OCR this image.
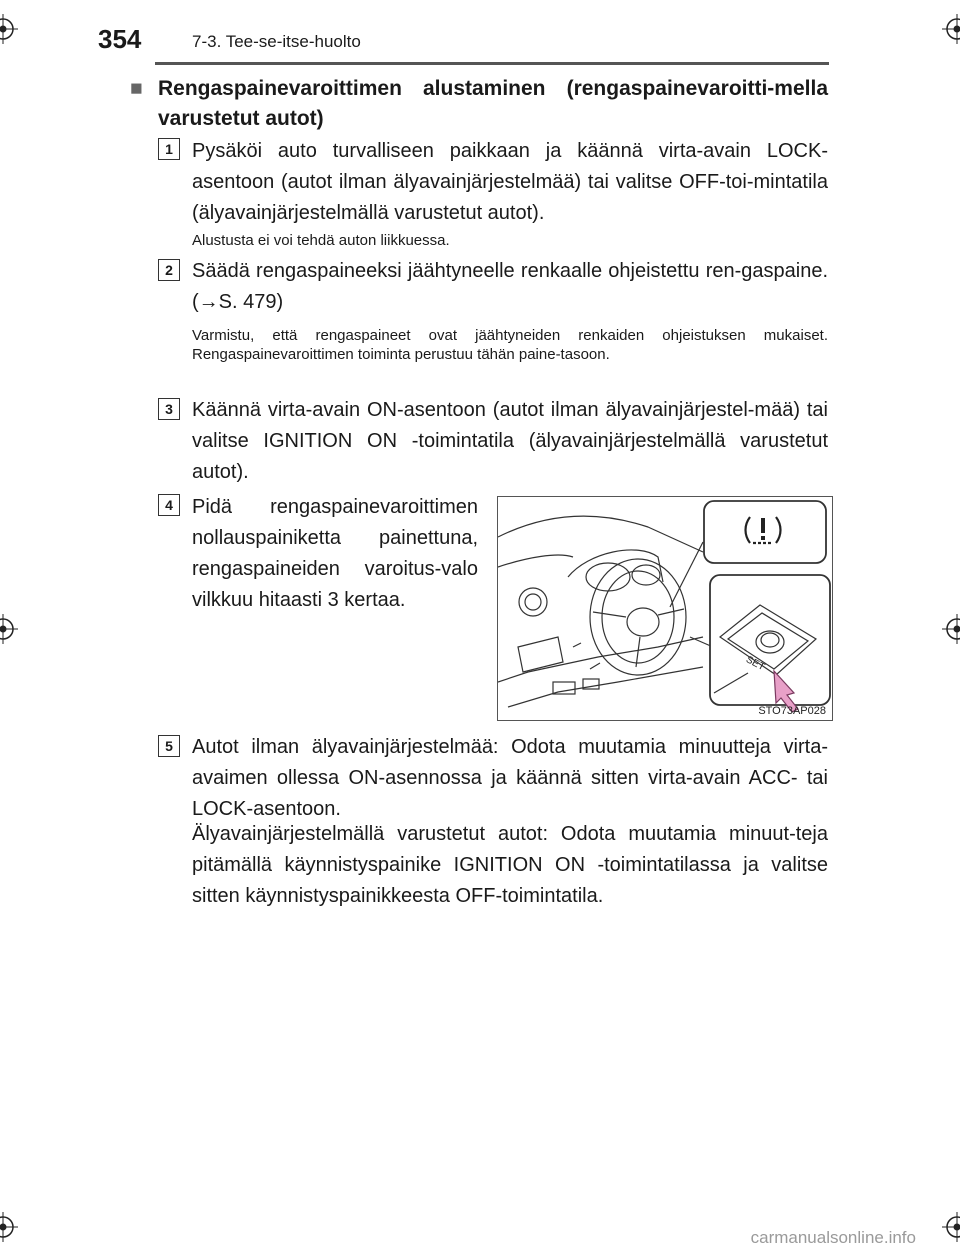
354	7-3. Tee-se-itse-huolto
■ Rengaspainevaroittimen alustaminen (rengaspainevaroitti-mella varustetut autot)
1 Pysäköi auto turvalliseen paikkaan ja käännä virta-avain LOCK-asentoon (autot ilman älyavainjärjestelmää) tai valitse OFF-toi-mintatila (älyavainjärjestelmällä varustetut autot).
Alustusta ei voi tehdä auton liikkuessa.
2 Säädä rengaspaineeksi jäähtyneelle renkaalle ohjeistettu ren-gaspaine. (→S. 479)
Varmistu, että rengaspaineet ovat jäähtyneiden renkaiden ohjeistuksen mukaiset. Rengaspainevaroittimen toiminta perustuu tähän paine-tasoon.
3 Käännä virta-avain ON-asentoon (autot ilman älyavainjärjestel-mää) tai valitse IGNITION ON -toimintatila (älyavainjärjestelmällä varustetut autot).
4 Pidä rengaspainevaroittimen nollauspainiketta painettuna, rengaspaineiden varoitus-valo vilkkuu hitaasti 3 kertaa.
SET
STO73AP028
5 Autot ilman älyavainjärjestelmää: Odota muutamia minuutteja virta-avaimen ollessa ON-asennossa ja käännä sitten virta-avain ACC- tai LOCK-asentoon.
Älyavainjärjestelmällä varustetut autot: Odota muutamia minuut-teja pitämällä käynnistyspainike IGNITION ON -toimintatilassa ja valitse sitten käynnistyspainikkeesta OFF-toimintatila.
carmanualsonline.info
